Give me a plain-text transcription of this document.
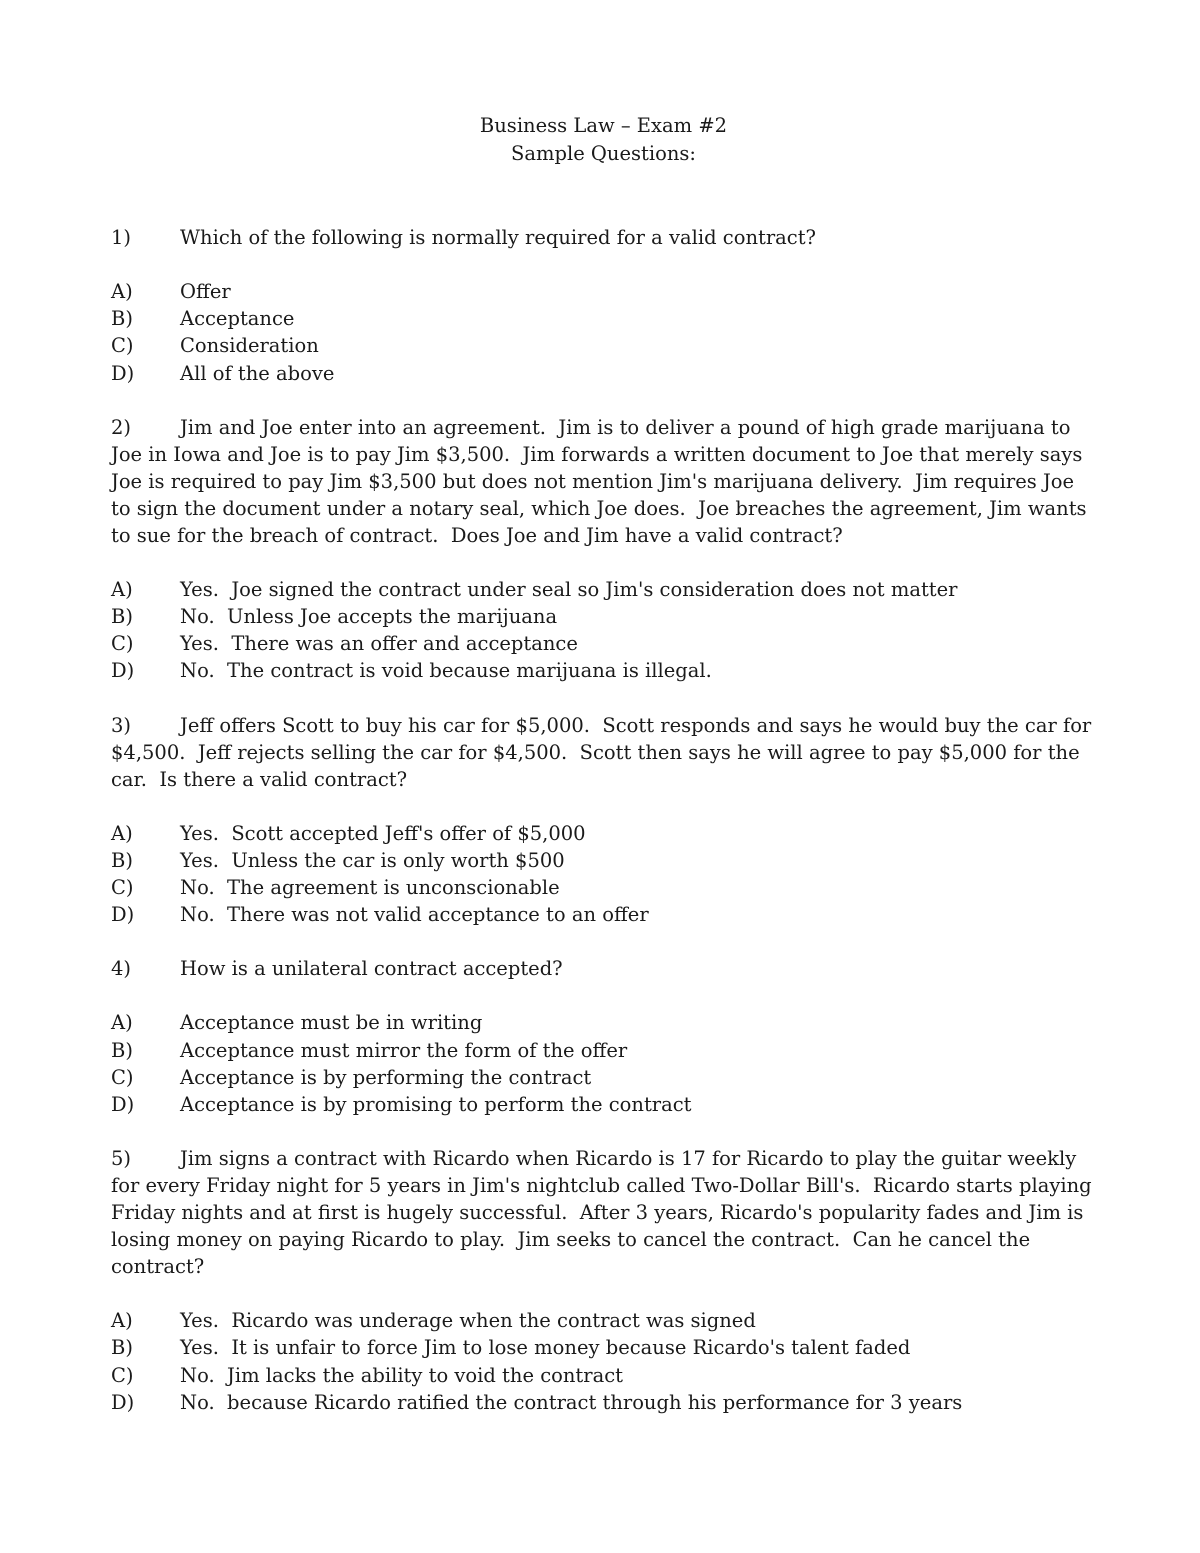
Business Law – Exam #2
Sample Questions:
1)	Which of the following is normally required for a valid contract?
A)	Offer
B)	Acceptance
C)	Consideration
D)	All of the above
2)	Jim and Joe enter into an agreement.  Jim is to deliver a pound of high grade marijuana to Joe in Iowa and Joe is to pay Jim $3,500.  Jim forwards a written document to Joe that merely says Joe is required to pay Jim $3,500 but does not mention Jim's marijuana delivery.  Jim requires Joe to sign the document under a notary seal, which Joe does.  Joe breaches the agreement, Jim wants to sue for the breach of contract.  Does Joe and Jim have a valid contract?
A)	Yes.  Joe signed the contract under seal so Jim's consideration does not matter
B)	No.  Unless Joe accepts the marijuana
C)	Yes.  There was an offer and acceptance
D)	No.  The contract is void because marijuana is illegal.
3)	Jeff offers Scott to buy his car for $5,000.  Scott responds and says he would buy the car for $4,500.  Jeff rejects selling the car for $4,500.  Scott then says he will agree to pay $5,000 for the car.  Is there a valid contract?
A)	Yes.  Scott accepted Jeff's offer of $5,000
B)	Yes.  Unless the car is only worth $500
C)	No.  The agreement is unconscionable
D)	No.  There was not valid acceptance to an offer
4)	How is a unilateral contract accepted?
A)	Acceptance must be in writing
B)	Acceptance must mirror the form of the offer
C)	Acceptance is by performing the contract
D)	Acceptance is by promising to perform the contract
5)	Jim signs a contract with Ricardo when Ricardo is 17 for Ricardo to play the guitar weekly for every Friday night for 5 years in Jim's nightclub called Two-Dollar Bill's.  Ricardo starts playing Friday nights and at first is hugely successful.  After 3 years, Ricardo's popularity fades and Jim is losing money on paying Ricardo to play.  Jim seeks to cancel the contract.  Can he cancel the contract?
A)	Yes.  Ricardo was underage when the contract was signed
B)	Yes.  It is unfair to force Jim to lose money because Ricardo's talent faded
C)	No.  Jim lacks the ability to void the contract
D)	No.  because Ricardo ratified the contract through his performance for 3 years
